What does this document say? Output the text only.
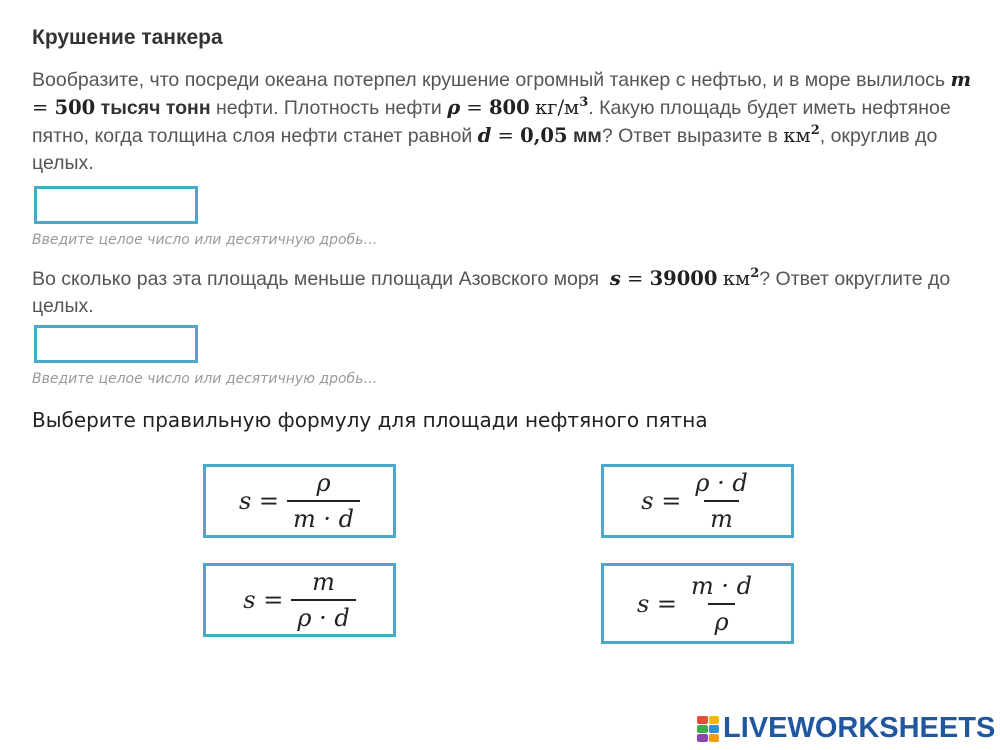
Крушение танкера
Вообразите, что посреди океана потерпел крушение огромный танкер с нефтью, и в море вылилось m = 500 тысяч тонн нефти. Плотность нефти ρ = 800 $кг/м^3$. Какую площадь будет иметь нефтяное пятно, когда толщина слоя нефти станет равной d = 0,05 мм? Ответ выразите в $км^2$, округлив до целых.
Введите целое число или десятичную дробь…
Во сколько раз эта площадь меньше площади Азовского моря  s = 39000 $км^2$? Ответ округлите до целых.
Введите целое число или десятичную дробь…
Выберите правильную формулу для площади нефтяного пятна
$s = \frac{\rho}{m \cdot d}$	$s = \frac{\rho \cdot d}{m}$
$s = \frac{m}{\rho \cdot d}$	$s = \frac{m \cdot d}{\rho}$
LIVEWORKSHEETS
